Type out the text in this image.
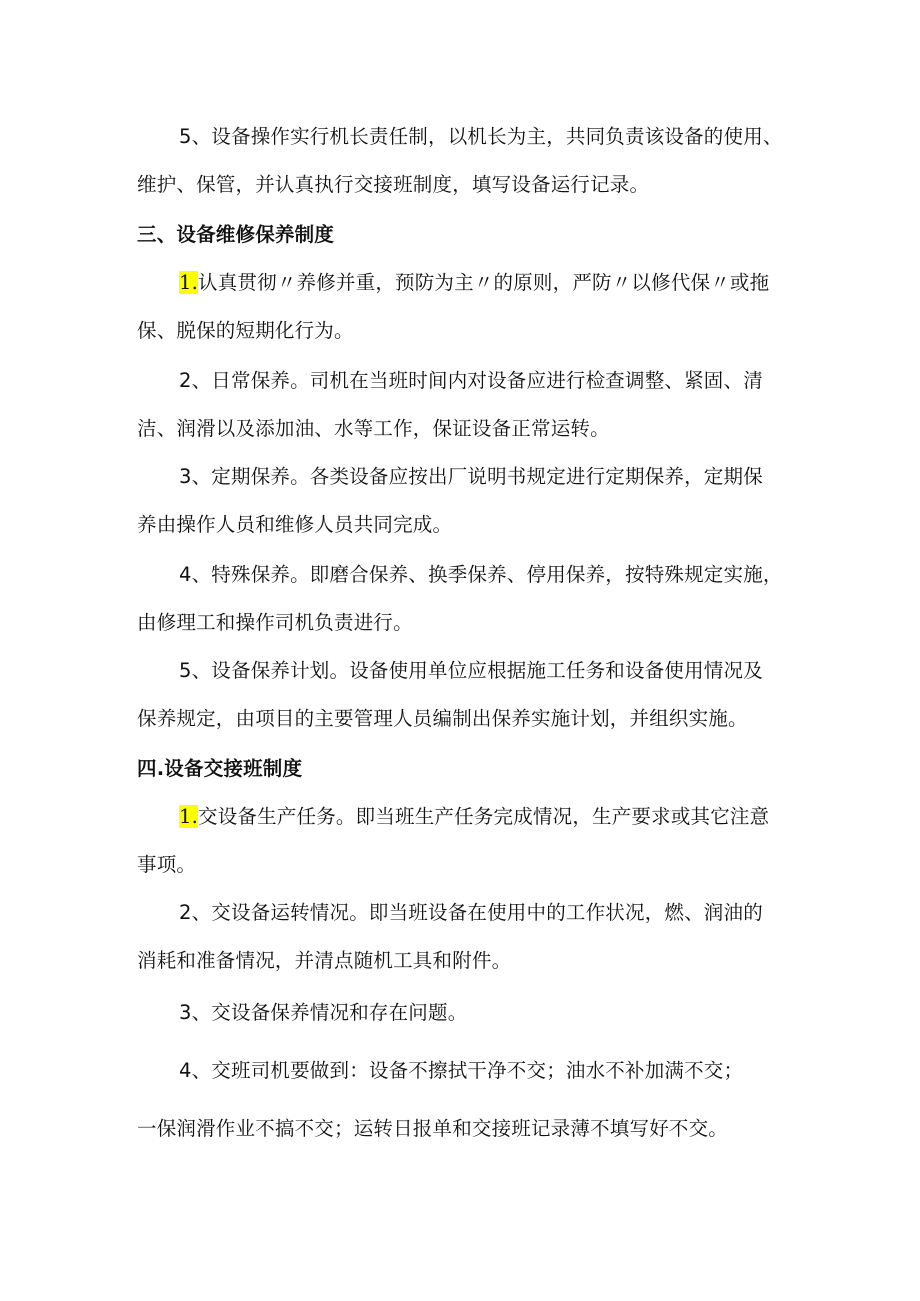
5、设备操作实行机长责任制，以机长为主，共同负责该设备的使用、
维护、保管，并认真执行交接班制度，填写设备运行记录。
三、设备维修保养制度
1.认真贯彻〃养修并重，预防为主〃的原则，严防〃以修代保〃或拖
保、脱保的短期化行为。
2、日常保养。司机在当班时间内对设备应进行检查调整、紧固、清
洁、润滑以及添加油、水等工作，保证设备正常运转。
3、定期保养。各类设备应按出厂说明书规定进行定期保养，定期保
养由操作人员和维修人员共同完成。
4、特殊保养。即磨合保养、换季保养、停用保养，按特殊规定实施，
由修理工和操作司机负责进行。
5、设备保养计划。设备使用单位应根据施工任务和设备使用情况及
保养规定，由项目的主要管理人员编制出保养实施计划，并组织实施。
四.设备交接班制度
1.交设备生产任务。即当班生产任务完成情况，生产要求或其它注意
事项。
2、交设备运转情况。即当班设备在使用中的工作状况，燃、润油的
消耗和准备情况，并清点随机工具和附件。
3、交设备保养情况和存在问题。
4、交班司机要做到：设备不擦拭干净不交；油水不补加满不交；
一保润滑作业不搞不交；运转日报单和交接班记录薄不填写好不交。
